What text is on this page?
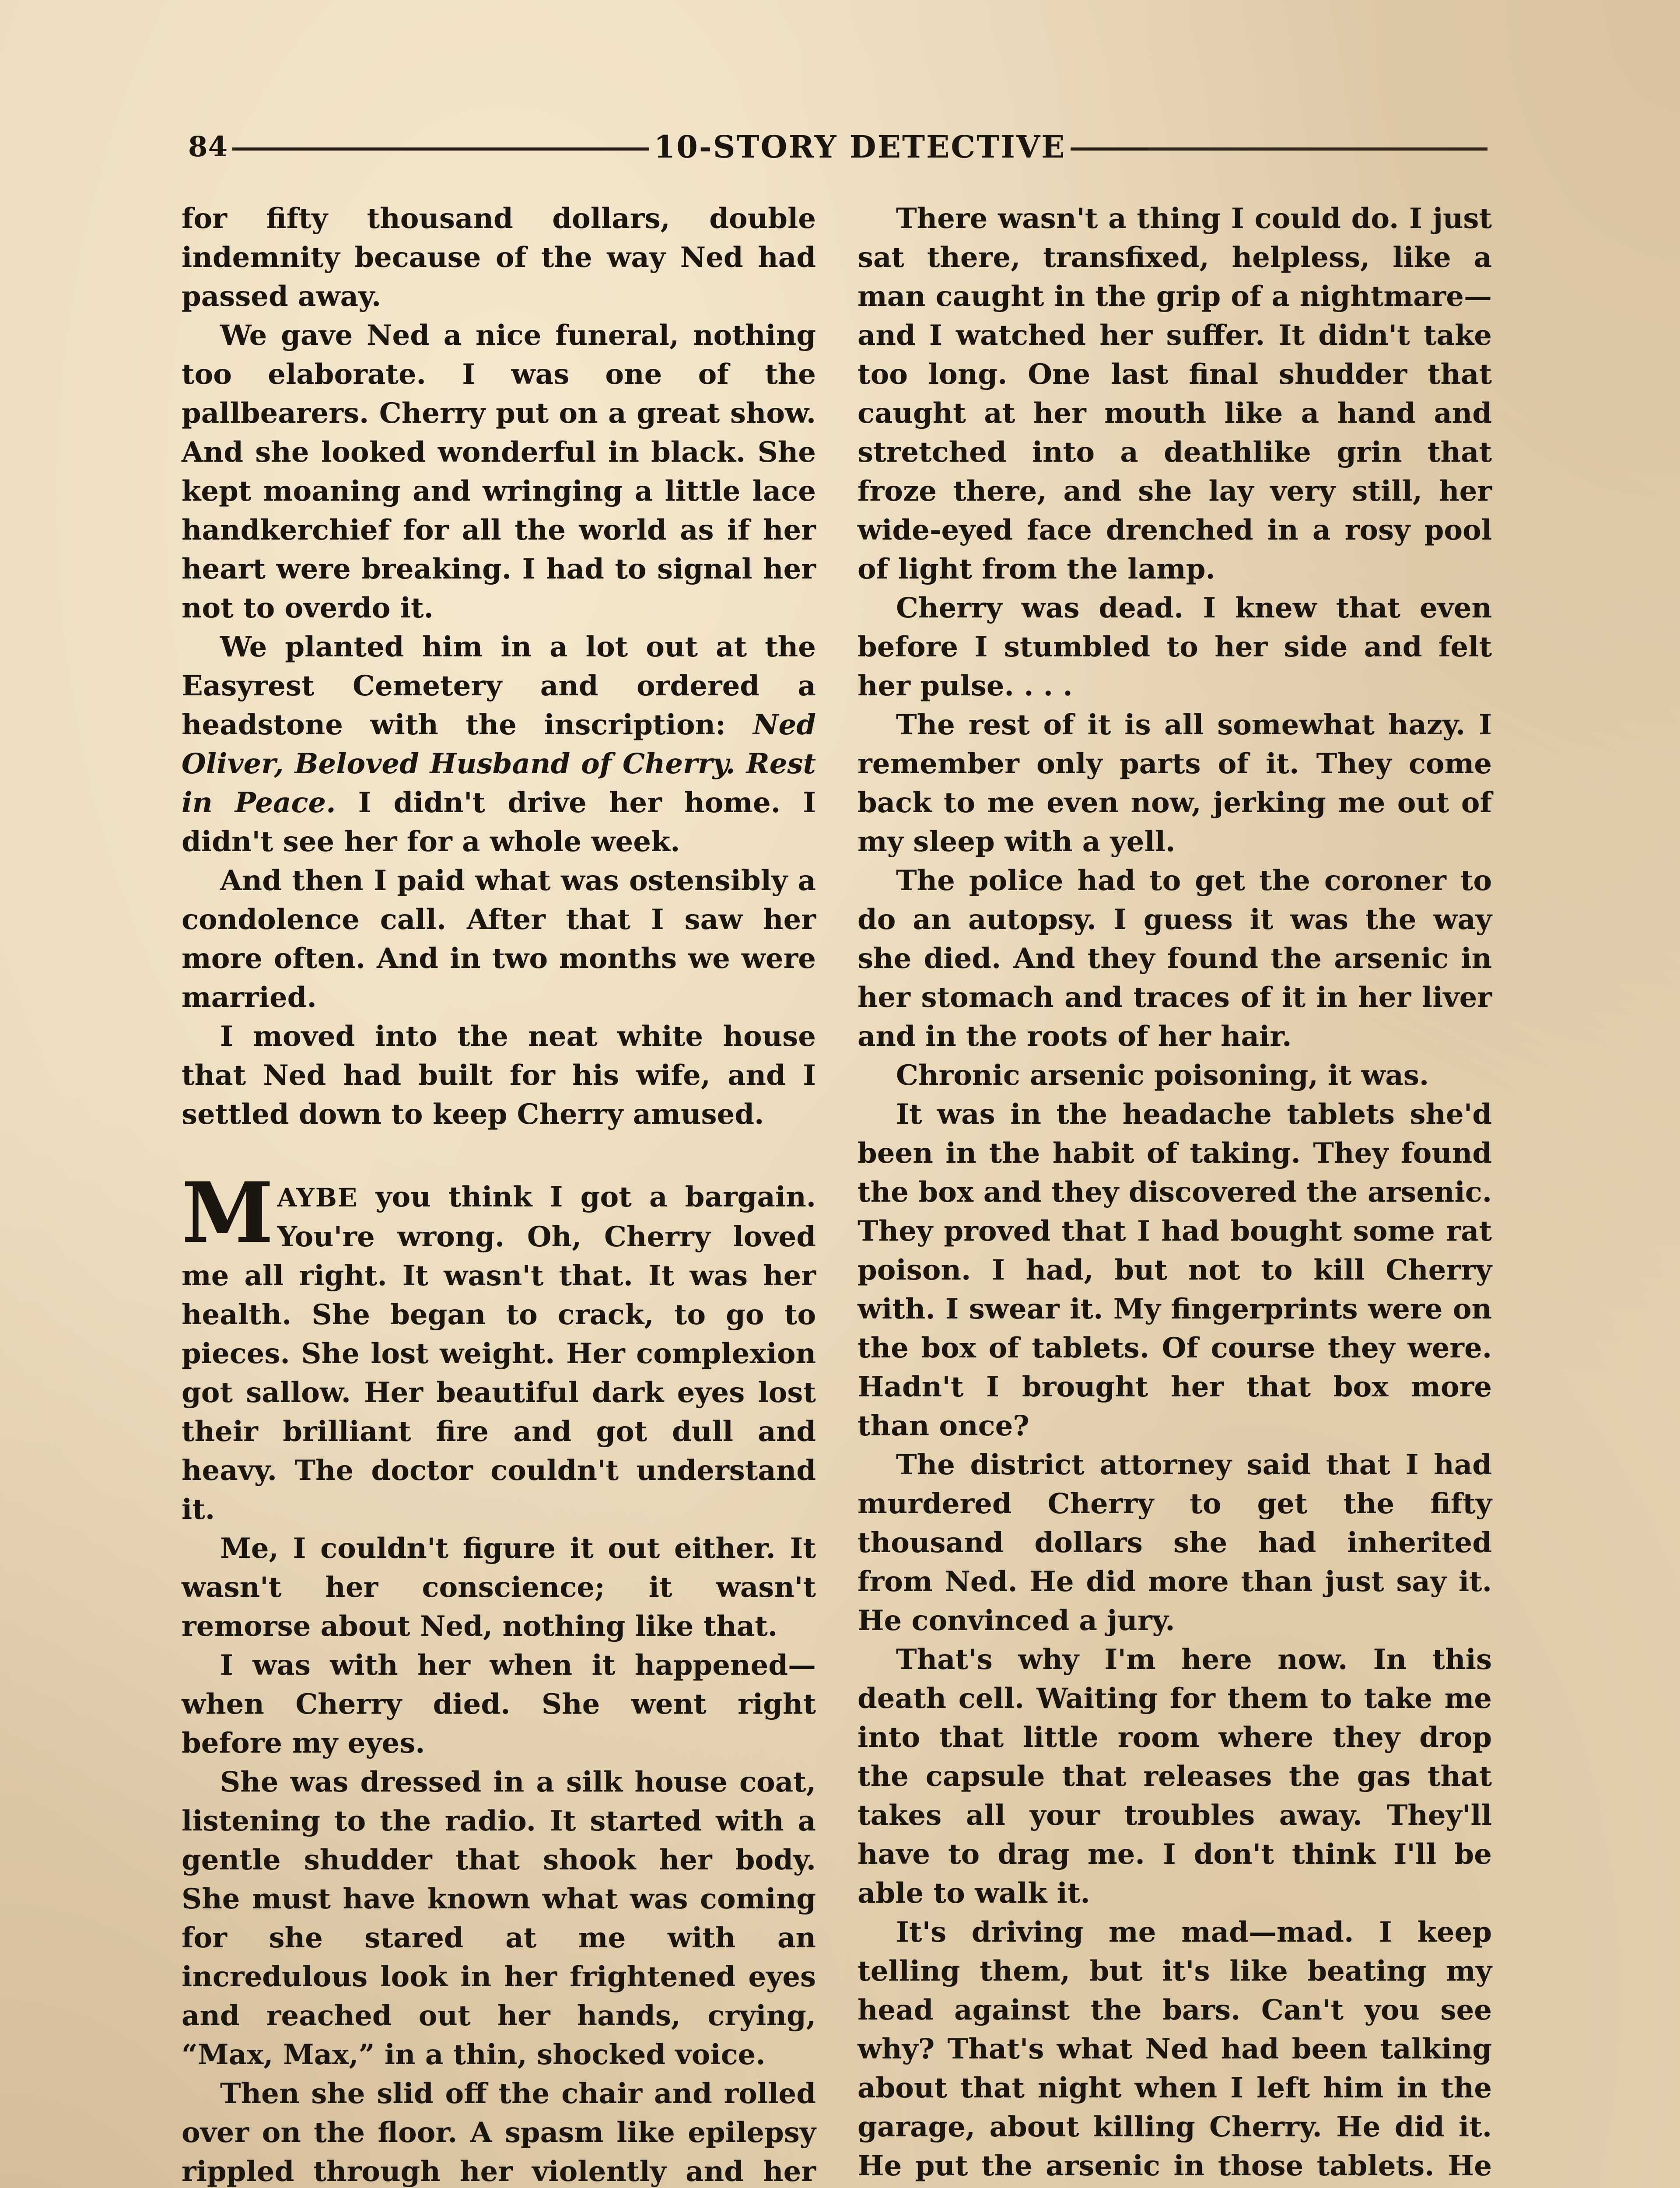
84	10-STORY DETECTIVE

for fifty thousand dollars, double indemnity because of the way Ned had passed away.

We gave Ned a nice funeral, nothing too elaborate. I was one of the pallbearers. Cherry put on a great show. And she looked wonderful in black. She kept moaning and wringing a little lace handkerchief for all the world as if her heart were breaking. I had to signal her not to overdo it.

We planted him in a lot out at the Easyrest Cemetery and ordered a headstone with the inscription: Ned Oliver, Beloved Husband of Cherry. Rest in Peace. I didn't drive her home. I didn't see her for a whole week.

And then I paid what was ostensibly a condolence call. After that I saw her more often. And in two months we were married.

I moved into the neat white house that Ned had built for his wife, and I settled down to keep Cherry amused.

MAYBE you think I got a bargain. You're wrong. Oh, Cherry loved me all right. It wasn't that. It was her health. She began to crack, to go to pieces. She lost weight. Her complexion got sallow. Her beautiful dark eyes lost their brilliant fire and got dull and heavy. The doctor couldn't understand it.

Me, I couldn't figure it out either. It wasn't her conscience; it wasn't remorse about Ned, nothing like that.

I was with her when it happened—when Cherry died. She went right before my eyes.

She was dressed in a silk house coat, listening to the radio. It started with a gentle shudder that shook her body. She must have known what was coming for she stared at me with an incredulous look in her frightened eyes and reached out her hands, crying, “Max, Max,” in a thin, shocked voice.

Then she slid off the chair and rolled over on the floor. A spasm like epilepsy rippled through her violently and her

There wasn't a thing I could do. I just sat there, transfixed, helpless, like a man caught in the grip of a nightmare—and I watched her suffer. It didn't take too long. One last final shudder that caught at her mouth like a hand and stretched into a deathlike grin that froze there, and she lay very still, her wide-eyed face drenched in a rosy pool of light from the lamp.

Cherry was dead. I knew that even before I stumbled to her side and felt her pulse. . . .

The rest of it is all somewhat hazy. I remember only parts of it. They come back to me even now, jerking me out of my sleep with a yell.

The police had to get the coroner to do an autopsy. I guess it was the way she died. And they found the arsenic in her stomach and traces of it in her liver and in the roots of her hair.

Chronic arsenic poisoning, it was.

It was in the headache tablets she'd been in the habit of taking. They found the box and they discovered the arsenic. They proved that I had bought some rat poison. I had, but not to kill Cherry with. I swear it. My fingerprints were on the box of tablets. Of course they were. Hadn't I brought her that box more than once?

The district attorney said that I had murdered Cherry to get the fifty thousand dollars she had inherited from Ned. He did more than just say it. He convinced a jury.

That's why I'm here now. In this death cell. Waiting for them to take me into that little room where they drop the capsule that releases the gas that takes all your troubles away. They'll have to drag me. I don't think I'll be able to walk it.

It's driving me mad—mad. I keep telling them, but it's like beating my head against the bars. Can't you see why? That's what Ned had been talking about that night when I left him in the garage, about killing Cherry. He did it. He put the arsenic in those tablets. He
